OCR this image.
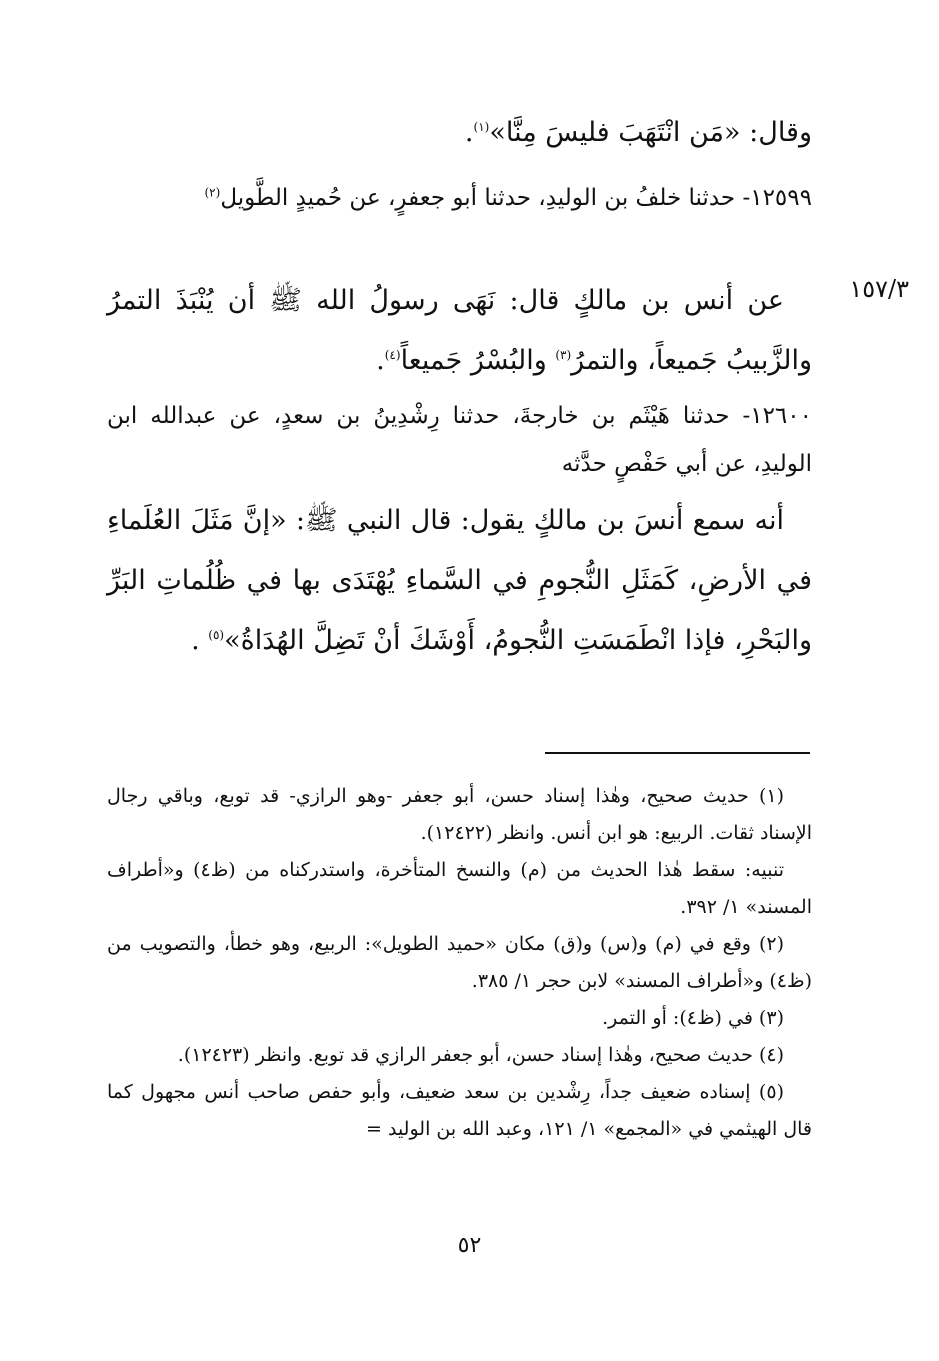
١٥٧/٣
وقال: «مَن انْتَهَبَ فليسَ مِنَّا»$^{(١)}$.
١٢٥٩٩- حدثنا خلفُ بن الوليدِ، حدثنا أبو جعفرٍ، عن حُميدٍ الطَّويل$^{(٢)}$
عن أنس بن مالكٍ قال: نَهَى رسولُ الله ﷺ أن يُنْبَذَ التمرُ والزَّبيبُ جَميعاً، والتمرُ$^{(٣)}$ والبُسْرُ جَميعاً$^{(٤)}$.
١٢٦٠٠- حدثنا هَيْثَم بن خارجةَ، حدثنا رِشْدِينُ بن سعدٍ، عن عبدالله ابن الوليدِ، عن أبي حَفْصٍ حدَّثه
أنه سمع أنسَ بن مالكٍ يقول: قال النبي ﷺ: «إنَّ مَثَلَ العُلَماءِ في الأرضِ، كَمَثَلِ النُّجومِ في السَّماءِ يُهْتَدَى بها في ظُلُماتِ البَرِّ والبَحْرِ، فإذا انْطَمَسَتِ النُّجومُ، أَوْشَكَ أنْ تَضِلَّ الهُدَاةُ»$^{(٥)}$ .

(١) حديث صحيح، وهٰذا إسناد حسن، أبو جعفر -وهو الرازي- قد توبع، وباقي رجال الإسناد ثقات. الربيع: هو ابن أنس. وانظر (١٢٤٢٢).

تنبيه: سقط هٰذا الحديث من (م) والنسخ المتأخرة، واستدركناه من (ظ٤) و«أطراف المسند» ١/ ٣٩٢.

(٢) وقع في (م) و(س) و(ق) مكان «حميد الطويل»: الربيع، وهو خطأ، والتصويب من (ظ٤) و«أطراف المسند» لابن حجر ١/ ٣٨٥.

(٣) في (ظ٤): أو التمر.

(٤) حديث صحيح، وهٰذا إسناد حسن، أبو جعفر الرازي قد توبع. وانظر (١٢٤٢٣).

(٥) إسناده ضعيف جداً، رِشْدين بن سعد ضعيف، وأبو حفص صاحب أنس مجهول كما قال الهيثمي في «المجمع» ١/ ١٢١، وعبد الله بن الوليد =

٥٢
